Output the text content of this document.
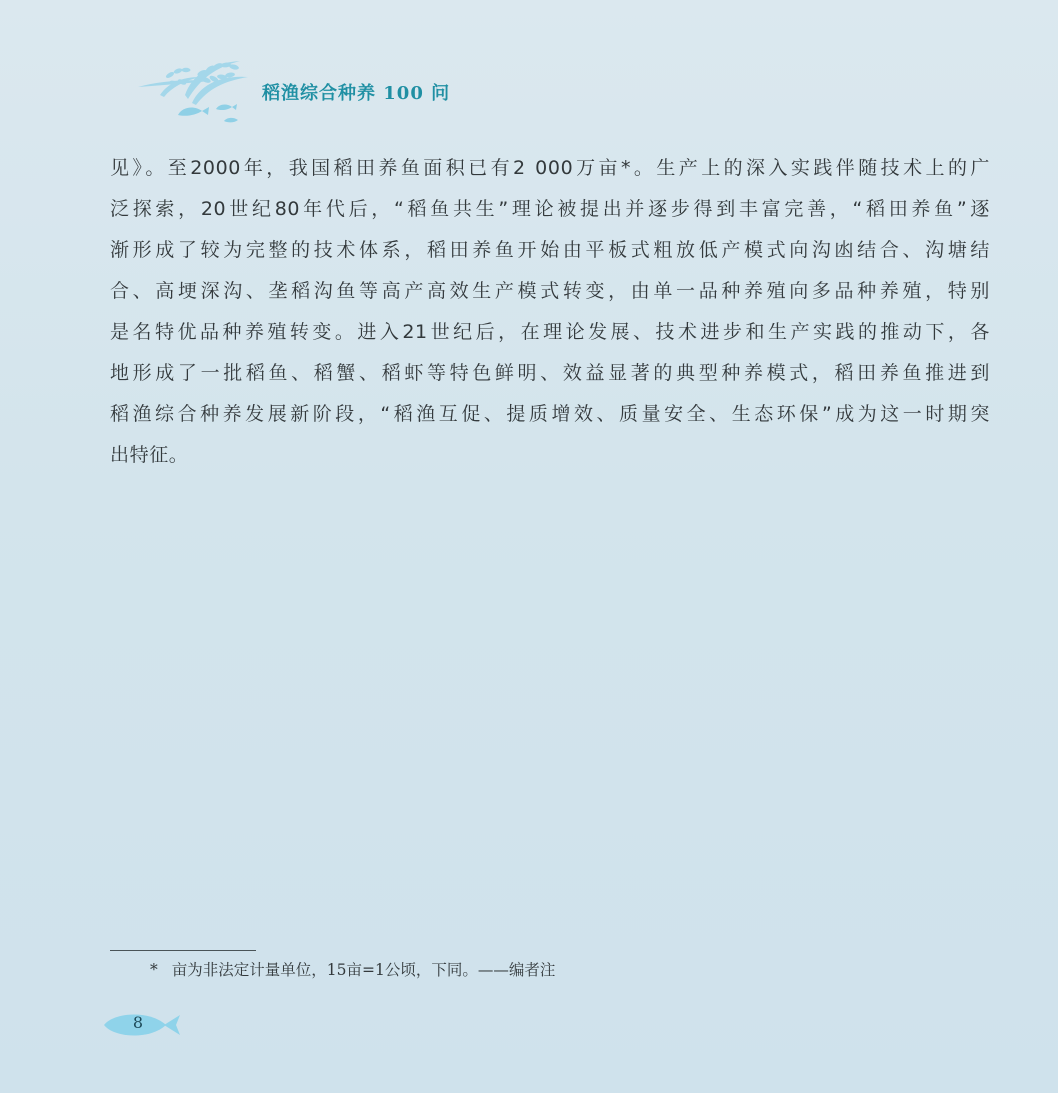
稻渔综合种养 100 问
见》。至2000年，我国稻田养鱼面积已有2 000万亩*。生产上的深入实践伴随技术上的广
泛探索，20世纪80年代后，“稻鱼共生”理论被提出并逐步得到丰富完善，“稻田养鱼”逐
渐形成了较为完整的技术体系，稻田养鱼开始由平板式粗放低产模式向沟凼结合、沟塘结
合、高埂深沟、垄稻沟鱼等高产高效生产模式转变，由单一品种养殖向多品种养殖，特别
是名特优品种养殖转变。进入21世纪后，在理论发展、技术进步和生产实践的推动下，各
地形成了一批稻鱼、稻蟹、稻虾等特色鲜明、效益显著的典型种养模式，稻田养鱼推进到
稻渔综合种养发展新阶段，“稻渔互促、提质增效、质量安全、生态环保”成为这一时期突
出特征。
* 亩为非法定计量单位，15亩=1公顷，下同。——编者注
8
